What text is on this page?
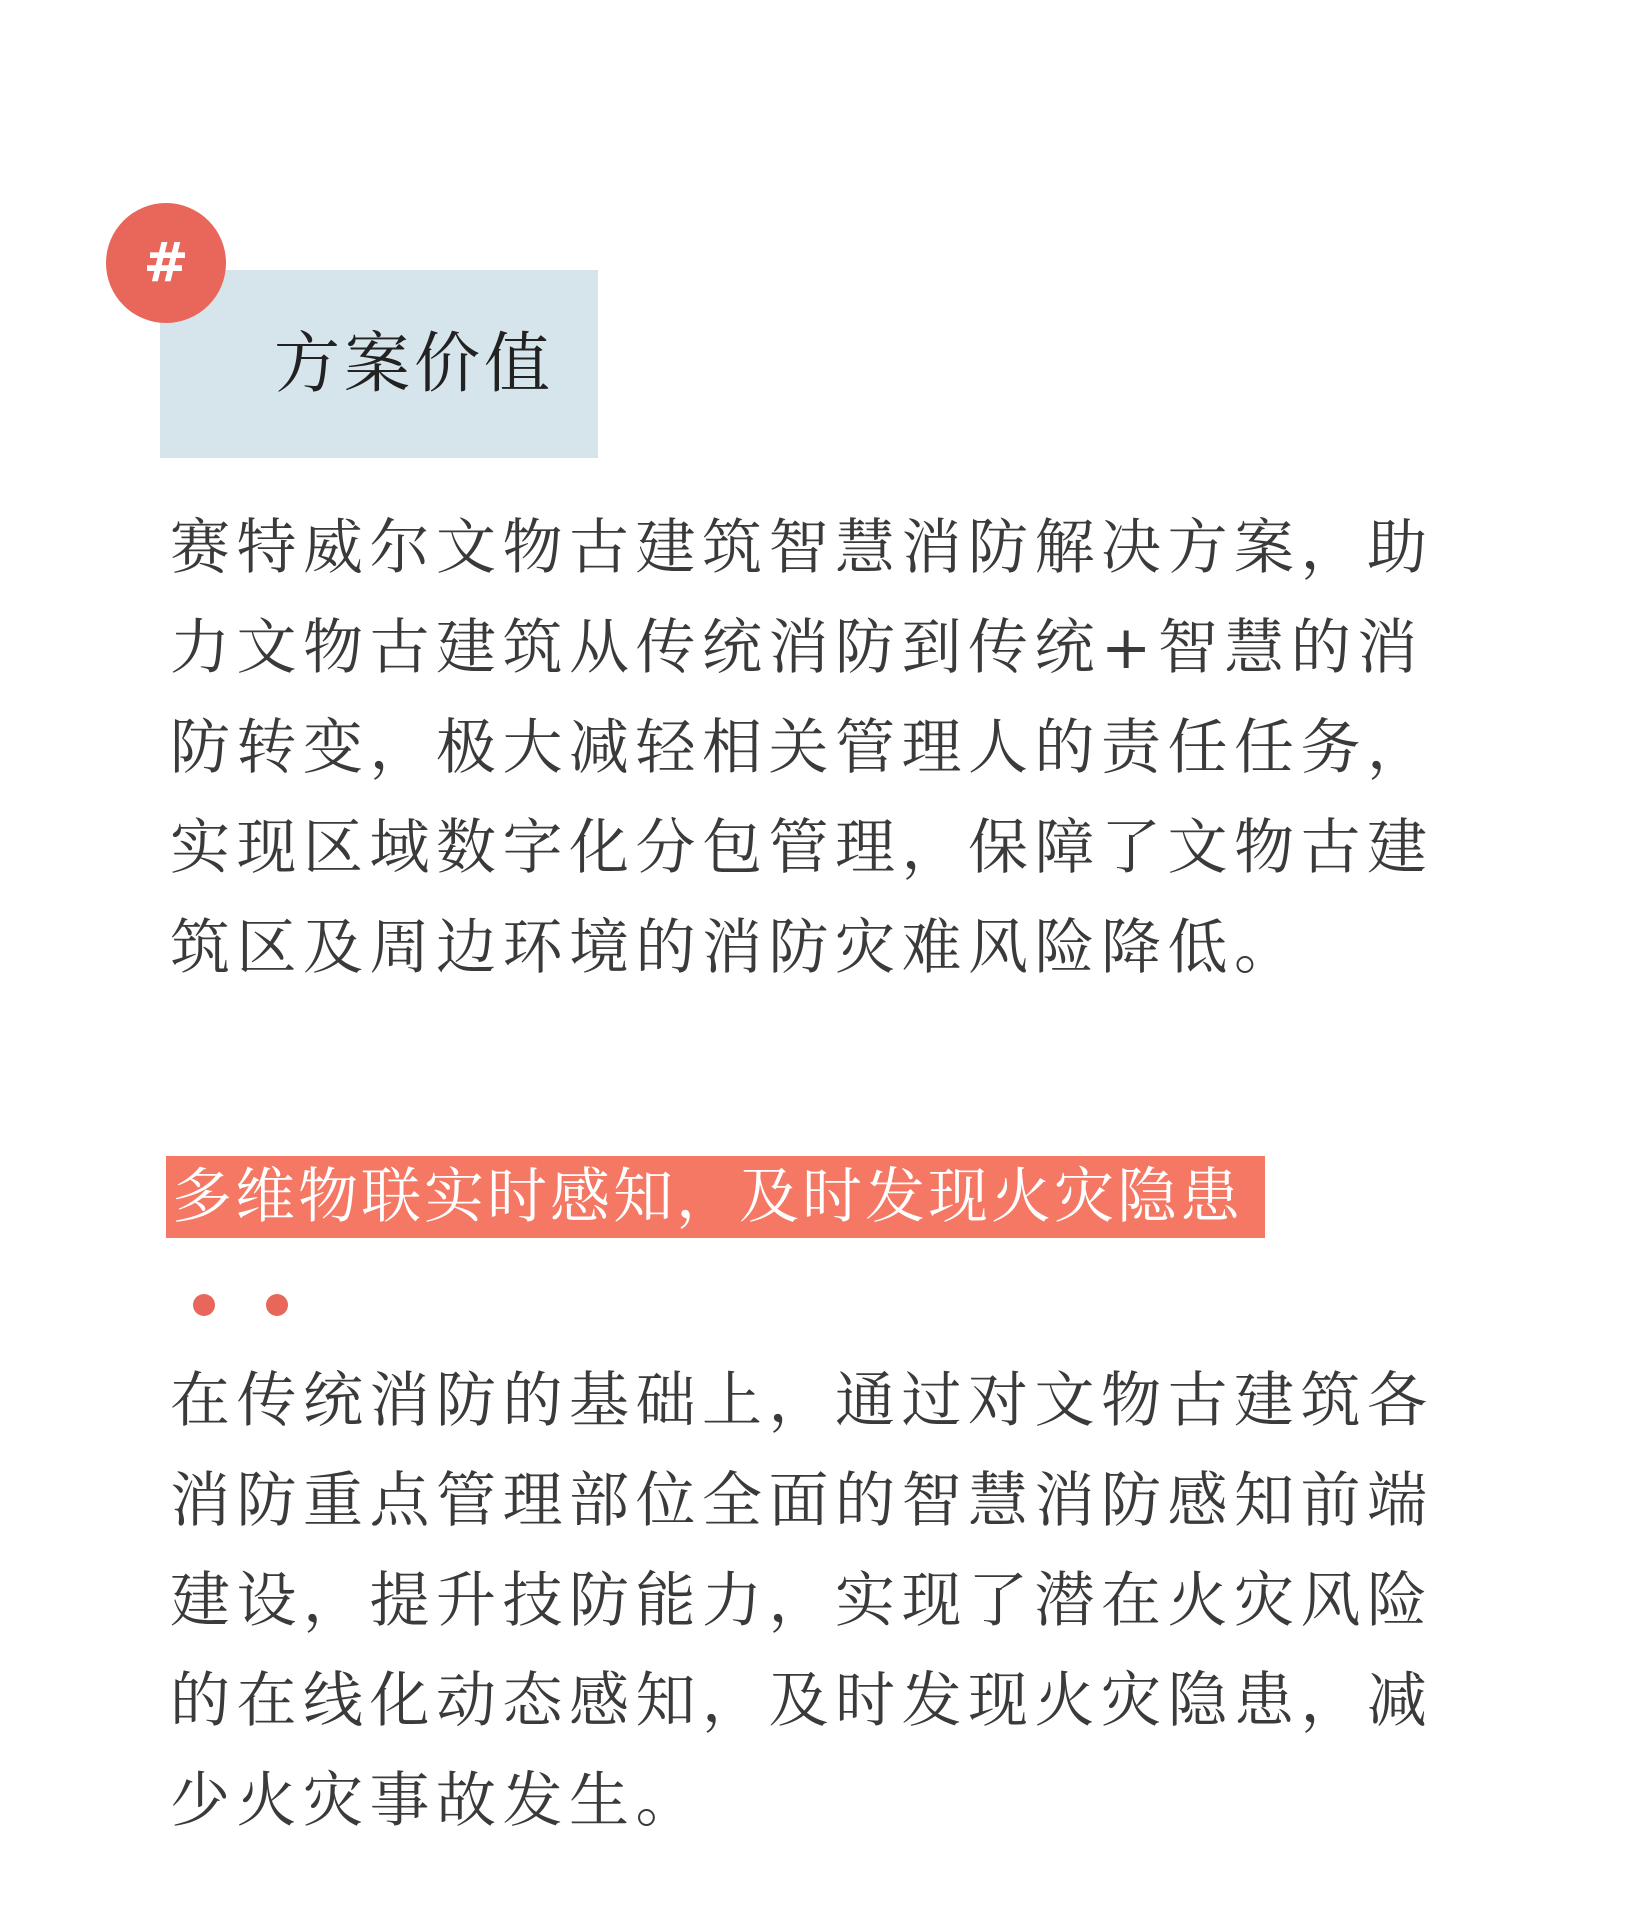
方案价值
#

赛特威尔文物古建筑智慧消防解决方案，助力文物古建筑从传统消防到传统+智慧的消防转变，极大减轻相关管理人的责任任务，实现区域数字化分包管理，保障了文物古建筑区及周边环境的消防灾难风险降低。

多维物联实时感知，及时发现火灾隐患

在传统消防的基础上，通过对文物古建筑各消防重点管理部位全面的智慧消防感知前端建设，提升技防能力，实现了潜在火灾风险的在线化动态感知，及时发现火灾隐患，减少火灾事故发生。
